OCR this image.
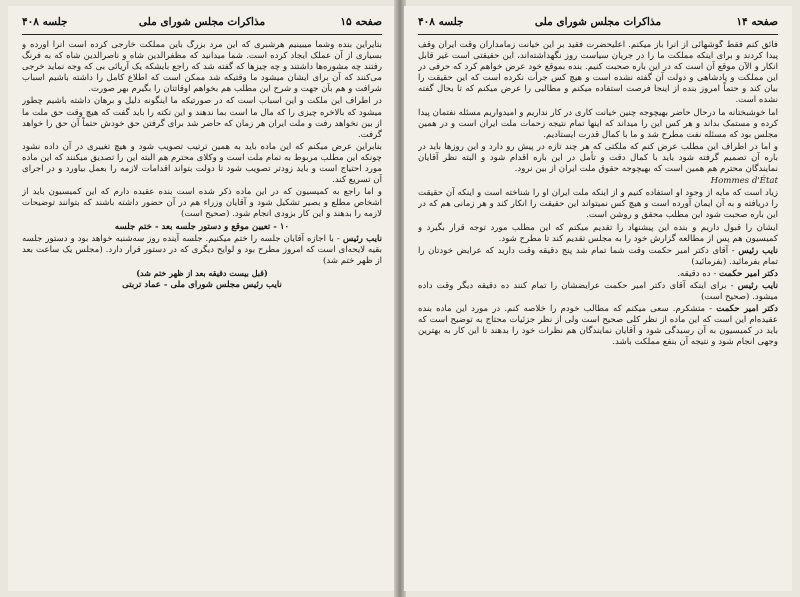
صفحه ۱۵
مذاکرات مجلس شورای ملی
جلسه ۴۰۸

بتایراین بنده وشما میبینیم هرشبری که این مرد بزرگ باین مملکت خارجی کرده است آنرا آورده و بسیاری از آن عملک ایجاد کرده است. شما میدانید که مظفرالدین شاه و ناصرالدین شاه که به فرنگ رفتند چه مشوره‌ها داشتند و چه چیزها که گفته شد که راجع بایشکه یک آریائی بی که وجه نماید خرجی می‌کنند که آن برای ایشان میشود ما وقتیکه شد ممکن است که اطلاع کامل را داشته باشیم اسباب شرافت و هم بآن جهت و شرح این مطلب هم بخواهم اوقاتتان را بگیرم بهر صورت.

در اطراف این ملکت و این اسباب است که در صورتیکه ما اینگونه دلیل و برهان داشته باشیم چطور میشود که بالاخره چیزی را که مال ما است بما ندهند و این نکته را باید گفت که هیچ وقت حق ملت ما از بین نخواهد رفت و ملت ایران هر زمان که حاضر شد برای گرفتن حق خودش حتماً آن حق را خواهد گرفت.

بنابراین عرض میکنم که این ماده باید به همین ترتیب تصویب شود و هیچ تغییری در آن داده نشود چونکه این مطلب مربوط به تمام ملت است و وکلای محترم هم البته این را تصدیق میکنند که این ماده مورد احتیاج است و باید زودتر تصویب شود تا دولت بتواند اقدامات لازمه را بعمل بیاورد و در اجرای آن تسریع کند.

و اما راجع به کمیسیون که در این ماده ذکر شده است بنده عقیده دارم که این کمیسیون باید از اشخاص مطلع و بصیر تشکیل شود و آقایان وزراء هم در آن حضور داشته باشند که بتوانند توضیحات لازمه را بدهند و این کار بزودی انجام شود. (صحیح است)

۱۰ - تعیین موقع و دستور جلسه بعد - ختم جلسه

نایب رئیس - با اجازه آقایان جلسه را ختم میکنیم. جلسه آینده روز سه‌شنبه خواهد بود و دستور جلسه بقیه لایحه‌ای است که امروز مطرح بود و لوایح دیگری که در دستور قرار دارد. (مجلس یک ساعت بعد از ظهر ختم شد)

(قبل بیست دقیقه بعد از ظهر ختم شد)

نایب رئیس مجلس شورای ملی - عماد تربتی

صفحه ۱۴
مذاکرات مجلس شورای ملی
جلسه ۴۰۸

فائق کنم فقط گوشهائی از آنرا باز میکنم. اعلیحضرت فقید بر این خیانت زمامداران وقت ایران وقف پیدا کردند و برای اینکه مملکت ما را در جریان سیاست روز نگهداشته‌اند، این حقیقتی است غیر قابل انکار و الآن موقع آن است که در این باره صحبت کنیم. بنده بموقع خود عرض خواهم کرد که حرفی در این مملکت و پادشاهی و دولت آن گفته نشده است و هیچ کس جرأت نکرده است که این حقیقت را بیان کند و حتماً امروز بنده از اینجا فرصت استفاده میکنم و مطالبی را عرض میکنم که تا بحال گفته نشده است.

اما خوشبختانه ما درحال حاضر بهیچوجه چنین خیانت کاری در کار نداریم و امیدواریم مسئله نفتمان پیدا کرده و مستمک بداند و هر کس این را میداند که اینها تمام نتیجه زحمات ملت ایران است و در همین مجلس بود که مسئله نفت مطرح شد و ما با کمال قدرت ایستادیم.

و اما در اطراف این مطلب عرض کنم که ملکتی که هر چند تازه در پیش رو دارد و این روزها باید در باره آن تصمیم گرفته شود باید با کمال دقت و تأمل در این باره اقدام شود و البته نظر آقایان نمایندگان محترم هم همین است که بهیچوجه حقوق ملت ایران از بین نرود.

Hommes d'État

زیاد است که مایه از وجود او استفاده کنیم و از اینکه ملت ایران او را شناخته است و اینکه آن حقیقت را دریافته و به آن ایمان آورده است و هیچ کس نمیتواند این حقیقت را انکار کند و هر زمانی هم که در این باره صحبت شود این مطلب محقق و روشن است.

ایشان را قبول داریم و بنده این پیشنهاد را تقدیم میکنم که این مطلب مورد توجه قرار بگیرد و کمیسیون هم پس از مطالعه گزارش خود را به مجلس تقدیم کند تا مطرح شود.

نایب رئیس - آقای دکتر امیر حکمت وقت شما تمام شد پنج دقیقه وقت دارید که عرایض خودتان را تمام بفرمائید. (بفرمائید)

دکتر امیر حکمت - ده دقیقه.

نایب رئیس - برای اینکه آقای دکتر امیر حکمت عرایضشان را تمام کنند ده دقیقه دیگر وقت داده میشود. (صحیح است)

دکتر امیر حکمت - متشکرم. سعی میکنم که مطالب خودم را خلاصه کنم. در مورد این ماده بنده عقیده‌ام این است که این ماده از نظر کلی صحیح است ولی از نظر جزئیات محتاج به توضیح است که باید در کمیسیون به آن رسیدگی شود و آقایان نمایندگان هم نظرات خود را بدهند تا این کار به بهترین وجهی انجام شود و نتیجه آن بنفع مملکت باشد.
